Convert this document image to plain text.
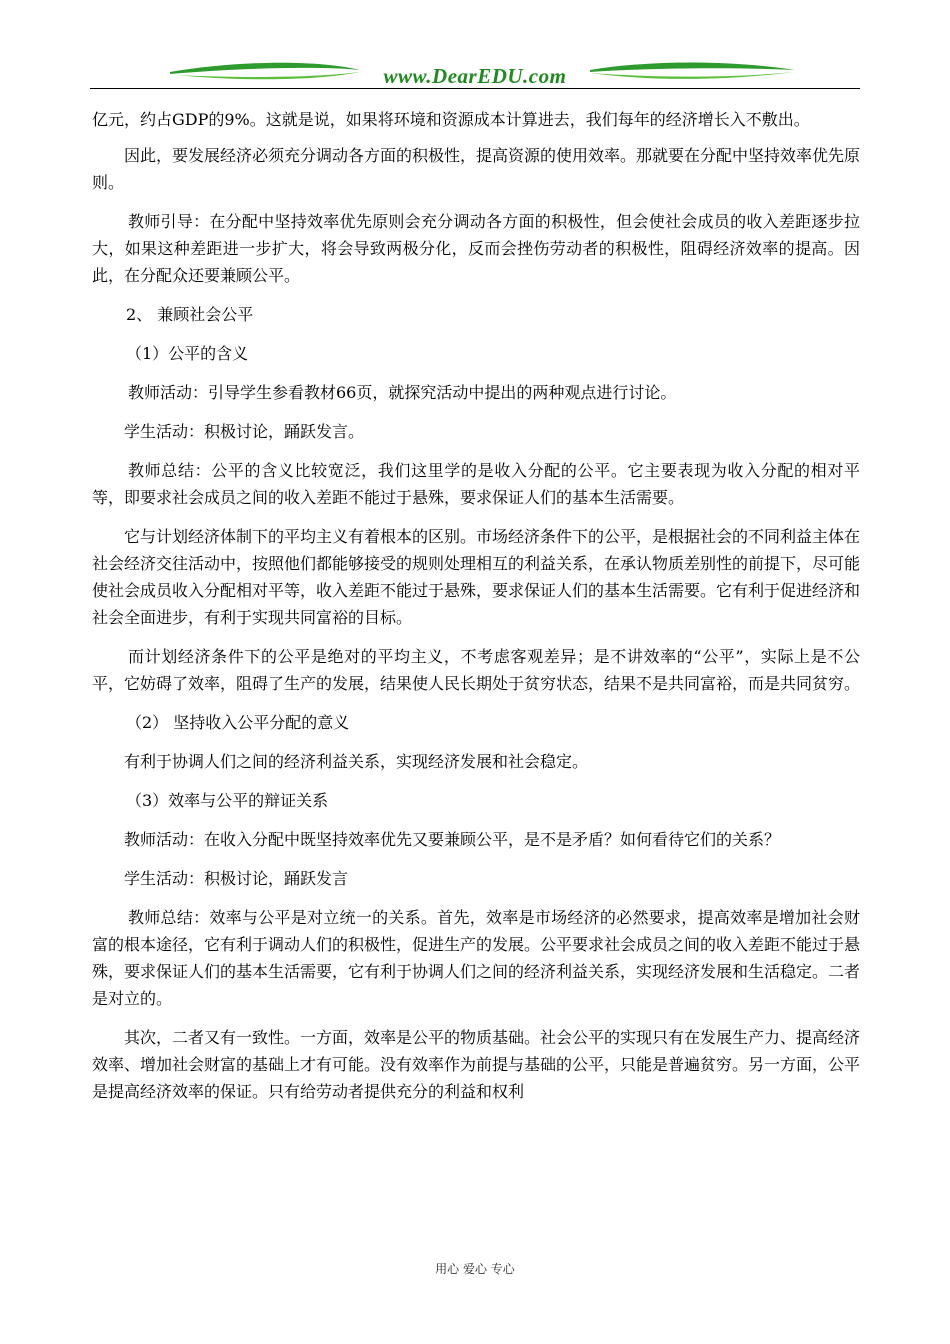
www.DearEDU.com

亿元，约占GDP的9%。这就是说，如果将环境和资源成本计算进去，我们每年的经济增长入不敷出。

因此，要发展经济必须充分调动各方面的积极性，提高资源的使用效率。那就要在分配中坚持效率优先原则。

教师引导：在分配中坚持效率优先原则会充分调动各方面的积极性，但会使社会成员的收入差距逐步拉大，如果这种差距进一步扩大，将会导致两极分化，反而会挫伤劳动者的积极性，阻碍经济效率的提高。因此，在分配众还要兼顾公平。

2、 兼顾社会公平

（1）公平的含义

教师活动：引导学生参看教材66页，就探究活动中提出的两种观点进行讨论。

学生活动：积极讨论，踊跃发言。

教师总结：公平的含义比较宽泛，我们这里学的是收入分配的公平。它主要表现为收入分配的相对平等，即要求社会成员之间的收入差距不能过于悬殊，要求保证人们的基本生活需要。

它与计划经济体制下的平均主义有着根本的区别。市场经济条件下的公平，是根据社会的不同利益主体在社会经济交往活动中，按照他们都能够接受的规则处理相互的利益关系，在承认物质差别性的前提下，尽可能使社会成员收入分配相对平等，收入差距不能过于悬殊，要求保证人们的基本生活需要。它有利于促进经济和社会全面进步，有利于实现共同富裕的目标。

而计划经济条件下的公平是绝对的平均主义，不考虑客观差异；是不讲效率的“公平”，实际上是不公平，它妨碍了效率，阻碍了生产的发展，结果使人民长期处于贫穷状态，结果不是共同富裕，而是共同贫穷。

（2） 坚持收入公平分配的意义

有利于协调人们之间的经济利益关系，实现经济发展和社会稳定。

（3）效率与公平的辩证关系

教师活动：在收入分配中既坚持效率优先又要兼顾公平，是不是矛盾？如何看待它们的关系？

学生活动：积极讨论，踊跃发言

教师总结：效率与公平是对立统一的关系。首先，效率是市场经济的必然要求，提高效率是增加社会财富的根本途径，它有利于调动人们的积极性，促进生产的发展。公平要求社会成员之间的收入差距不能过于悬殊，要求保证人们的基本生活需要，它有利于协调人们之间的经济利益关系，实现经济发展和生活稳定。二者是对立的。

其次，二者又有一致性。一方面，效率是公平的物质基础。社会公平的实现只有在发展生产力、提高经济效率、增加社会财富的基础上才有可能。没有效率作为前提与基础的公平，只能是普遍贫穷。另一方面，公平是提高经济效率的保证。只有给劳动者提供充分的利益和权利

用心 爱心 专心
